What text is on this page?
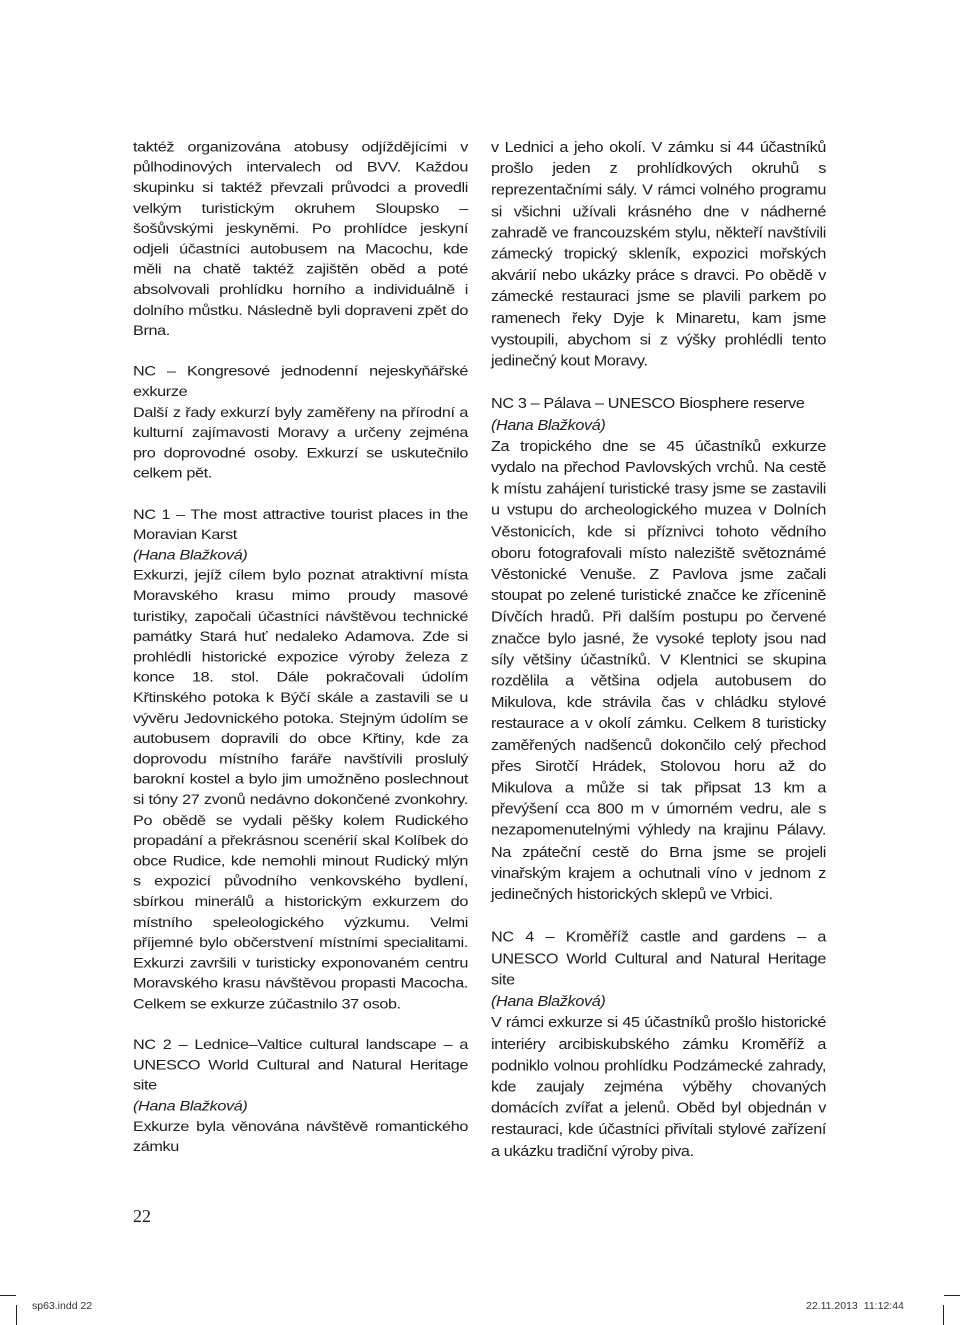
taktéž organizována atobusy odjíždějícími v půlhodinových intervalech od BVV. Každou skupinku si taktéž převzali průvodci a provedli velkým turistickým okruhem Sloupsko – šošůvskými jeskyněmi. Po prohlídce jeskyní odjeli účastníci autobusem na Macochu, kde měli na chatě taktéž zajištěn oběd a poté absolvovali prohlídku horního a individuálně i dolního můstku. Následně byli dopraveni zpět do Brna.

NC – Kongresové jednodenní nejeskyňářské exkurze
Další z řady exkurzí byly zaměřeny na přírodní a kulturní zajímavosti Moravy a určeny zejména pro doprovodné osoby. Exkurzí se uskutečnilo celkem pět.

NC 1 – The most attractive tourist places in the Moravian Karst
(Hana Blažková)
Exkurzi, jejíž cílem bylo poznat atraktivní místa Moravského krasu mimo proudy masové turistiky, započali účastníci návštěvou technické památky Stará huť nedaleko Adamova. Zde si prohlédli historické expozice výroby železa z konce 18. stol. Dále pokračovali údolím Křtinského potoka k Býčí skále a zastavili se u vývěru Jedovnického potoka. Stejným údolím se autobusem dopravili do obce Křtiny, kde za doprovodu místního faráře navštívili proslulý barokní kostel a bylo jim umožněno poslechnout si tóny 27 zvonů nedávno dokončené zvonkohry. Po obědě se vydali pěšky kolem Rudického propadání a překrásnou scenérií skal Kolíbek do obce Rudice, kde nemohli minout Rudický mlýn s expozicí původního venkovského bydlení, sbírkou minerálů a historickým exkurzem do místního speleologického výzkumu. Velmi příjemné bylo občerstvení místními specialitami. Exkurzi završili v turisticky exponovaném centru Moravského krasu návštěvou propasti Macocha. Celkem se exkurze zúčastnilo 37 osob.

NC 2 – Lednice–Valtice cultural landscape – a UNESCO World Cultural and Natural Heritage site
(Hana Blažková)
Exkurze byla věnována návštěvě romantického zámku

v Lednici a jeho okolí. V zámku si 44 účastníků prošlo jeden z prohlídkových okruhů s reprezentačními sály. V rámci volného programu si všichni užívali krásného dne v nádherné zahradě ve francouzském stylu, někteří navštívili zámecký tropický skleník, expozici mořských akvárií nebo ukázky práce s dravci. Po obědě v zámecké restauraci jsme se plavili parkem po ramenech řeky Dyje k Minaretu, kam jsme vystoupili, abychom si z výšky prohlédli tento jedinečný kout Moravy.

NC 3 – Pálava – UNESCO Biosphere reserve
(Hana Blažková)
Za tropického dne se 45 účastníků exkurze vydalo na přechod Pavlovských vrchů. Na cestě k místu zahájení turistické trasy jsme se zastavili u vstupu do archeologického muzea v Dolních Věstonicích, kde si příznivci tohoto vědního oboru fotografovali místo naleziště světoznámé Věstonické Venuše. Z Pavlova jsme začali stoupat po zelené turistické značce ke zřícenině Dívčích hradů. Při dalším postupu po červené značce bylo jasné, že vysoké teploty jsou nad síly většiny účastníků. V Klentnici se skupina rozdělila a většina odjela autobusem do Mikulova, kde strávila čas v chládku stylové restaurace a v okolí zámku. Celkem 8 turisticky zaměřených nadšenců dokončilo celý přechod přes Sirotčí Hrádek, Stolovou horu až do Mikulova a může si tak připsat 13 km a převýšení cca 800 m v úmorném vedru, ale s nezapomenutelnými výhledy na krajinu Pálavy. Na zpáteční cestě do Brna jsme se projeli vinařským krajem a ochutnali víno v jednom z jedinečných historických sklepů ve Vrbici.

NC 4 – Kroměříž castle and gardens – a UNESCO World Cultural and Natural Heritage site
(Hana Blažková)
V rámci exkurze si 45 účastníků prošlo historické interiéry arcibiskubského zámku Kroměříž a podniklo volnou prohlídku Podzámecké zahrady, kde zaujaly zejména výběhy chovaných domácích zvířat a jelenů. Oběd byl objednán v restauraci, kde účastníci přivítali stylové zařízení a ukázku tradiční výroby piva.

22
sp63.indd 22	22.11.2013 11:12:44
